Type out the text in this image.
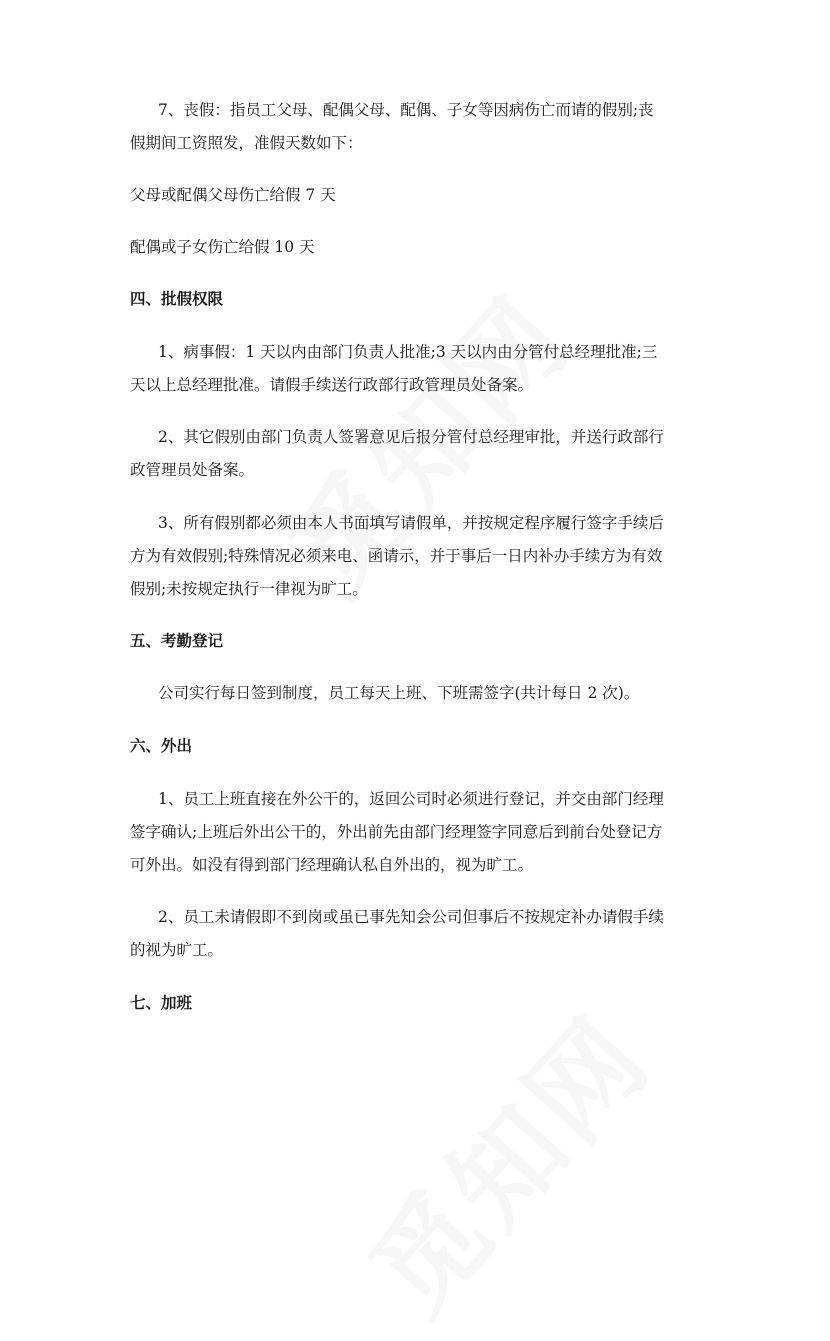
7、丧假：指员工父母、配偶父母、配偶、子女等因病伤亡而请的假别;丧
假期间工资照发，准假天数如下：
父母或配偶父母伤亡给假 7 天
配偶或子女伤亡给假 10 天
四、批假权限
1、病事假：1 天以内由部门负责人批准;3 天以内由分管付总经理批准;三
天以上总经理批准。请假手续送行政部行政管理员处备案。
2、其它假别由部门负责人签署意见后报分管付总经理审批，并送行政部行
政管理员处备案。
3、所有假别都必须由本人书面填写请假单，并按规定程序履行签字手续后
方为有效假别;特殊情况必须来电、函请示，并于事后一日内补办手续方为有效
假别;未按规定执行一律视为旷工。
五、考勤登记
公司实行每日签到制度，员工每天上班、下班需签字(共计每日 2 次)。
六、外出
1、员工上班直接在外公干的，返回公司时必须进行登记，并交由部门经理
签字确认;上班后外出公干的，外出前先由部门经理签字同意后到前台处登记方
可外出。如没有得到部门经理确认私自外出的，视为旷工。
2、员工未请假即不到岗或虽已事先知会公司但事后不按规定补办请假手续
的视为旷工。
七、加班
